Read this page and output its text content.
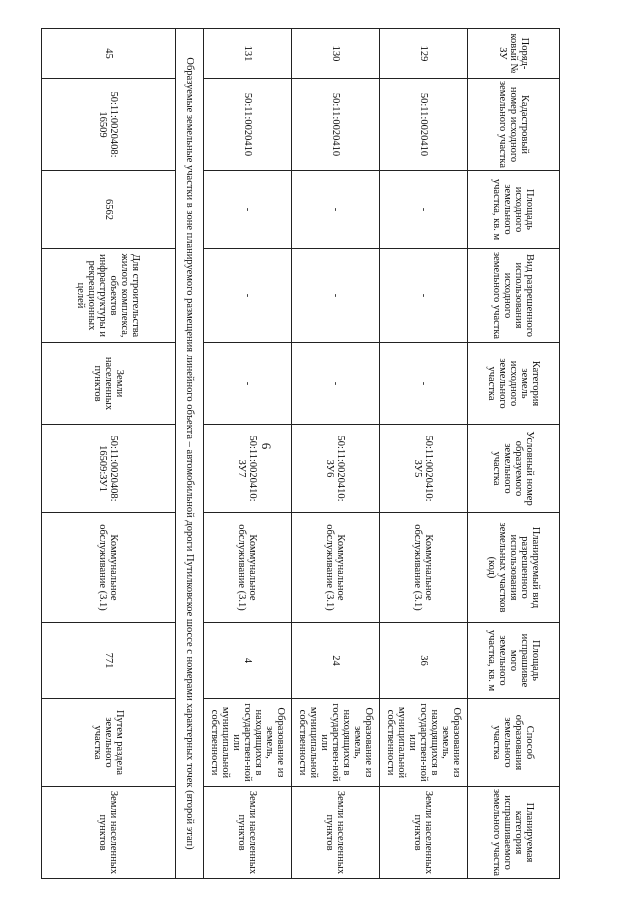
6
Поряд-ковый № ЗУ	Кадастровый номер исходного земельного участка	Площадь исходного земельного участка, кв. м	Вид разрешенного использования исходного земельного участка	Категория земель исходного земельного участка	Условный номер образуемого земельного участка	Планируемый вид разрешенного использования земельных участков (код)	Площадь испрашивае мого земельного участка, кв. м	Способ образования земельного участка	Планируемая категория испрашиваемого земельного участка
129	50:11:0020410	-	-	-	50:11:0020410: ЗУ5	Коммунальное обслуживание (3.1)	36	Образование из земель, находящихся в государствен-ной или муниципальной собственности	Земли населенных пунктов
130	50:11:0020410	-	-	-	50:11:0020410: ЗУ6	Коммунальное обслуживание (3.1)	24	Образование из земель, находящихся в государствен-ной или муниципальной собственности	Земли населенных пунктов
131	50:11:0020410	-	-	-	50:11:0020410: ЗУ7	Коммунальное обслуживание (3.1)	4	Образование из земель, находящихся в государствен-ной или муниципальной собственности	Земли населенных пунктов
Образуемые земельные участки в зоне планируемого размещения линейного объекта – автомобильной дороги Путилковское шоссе с номерами характерных точек (второй этап)									
45	50:11:0020408: 16509	6562	Для строительства жилого комплекса, объектов инфраструктуры и рекреационных целей	Земли населенных пунктов	50:11:0020408: 16509:ЗУ1	Коммунальное обслуживание (3.1)	771	Путем раздела земельного участка	Земли населенных пунктов
